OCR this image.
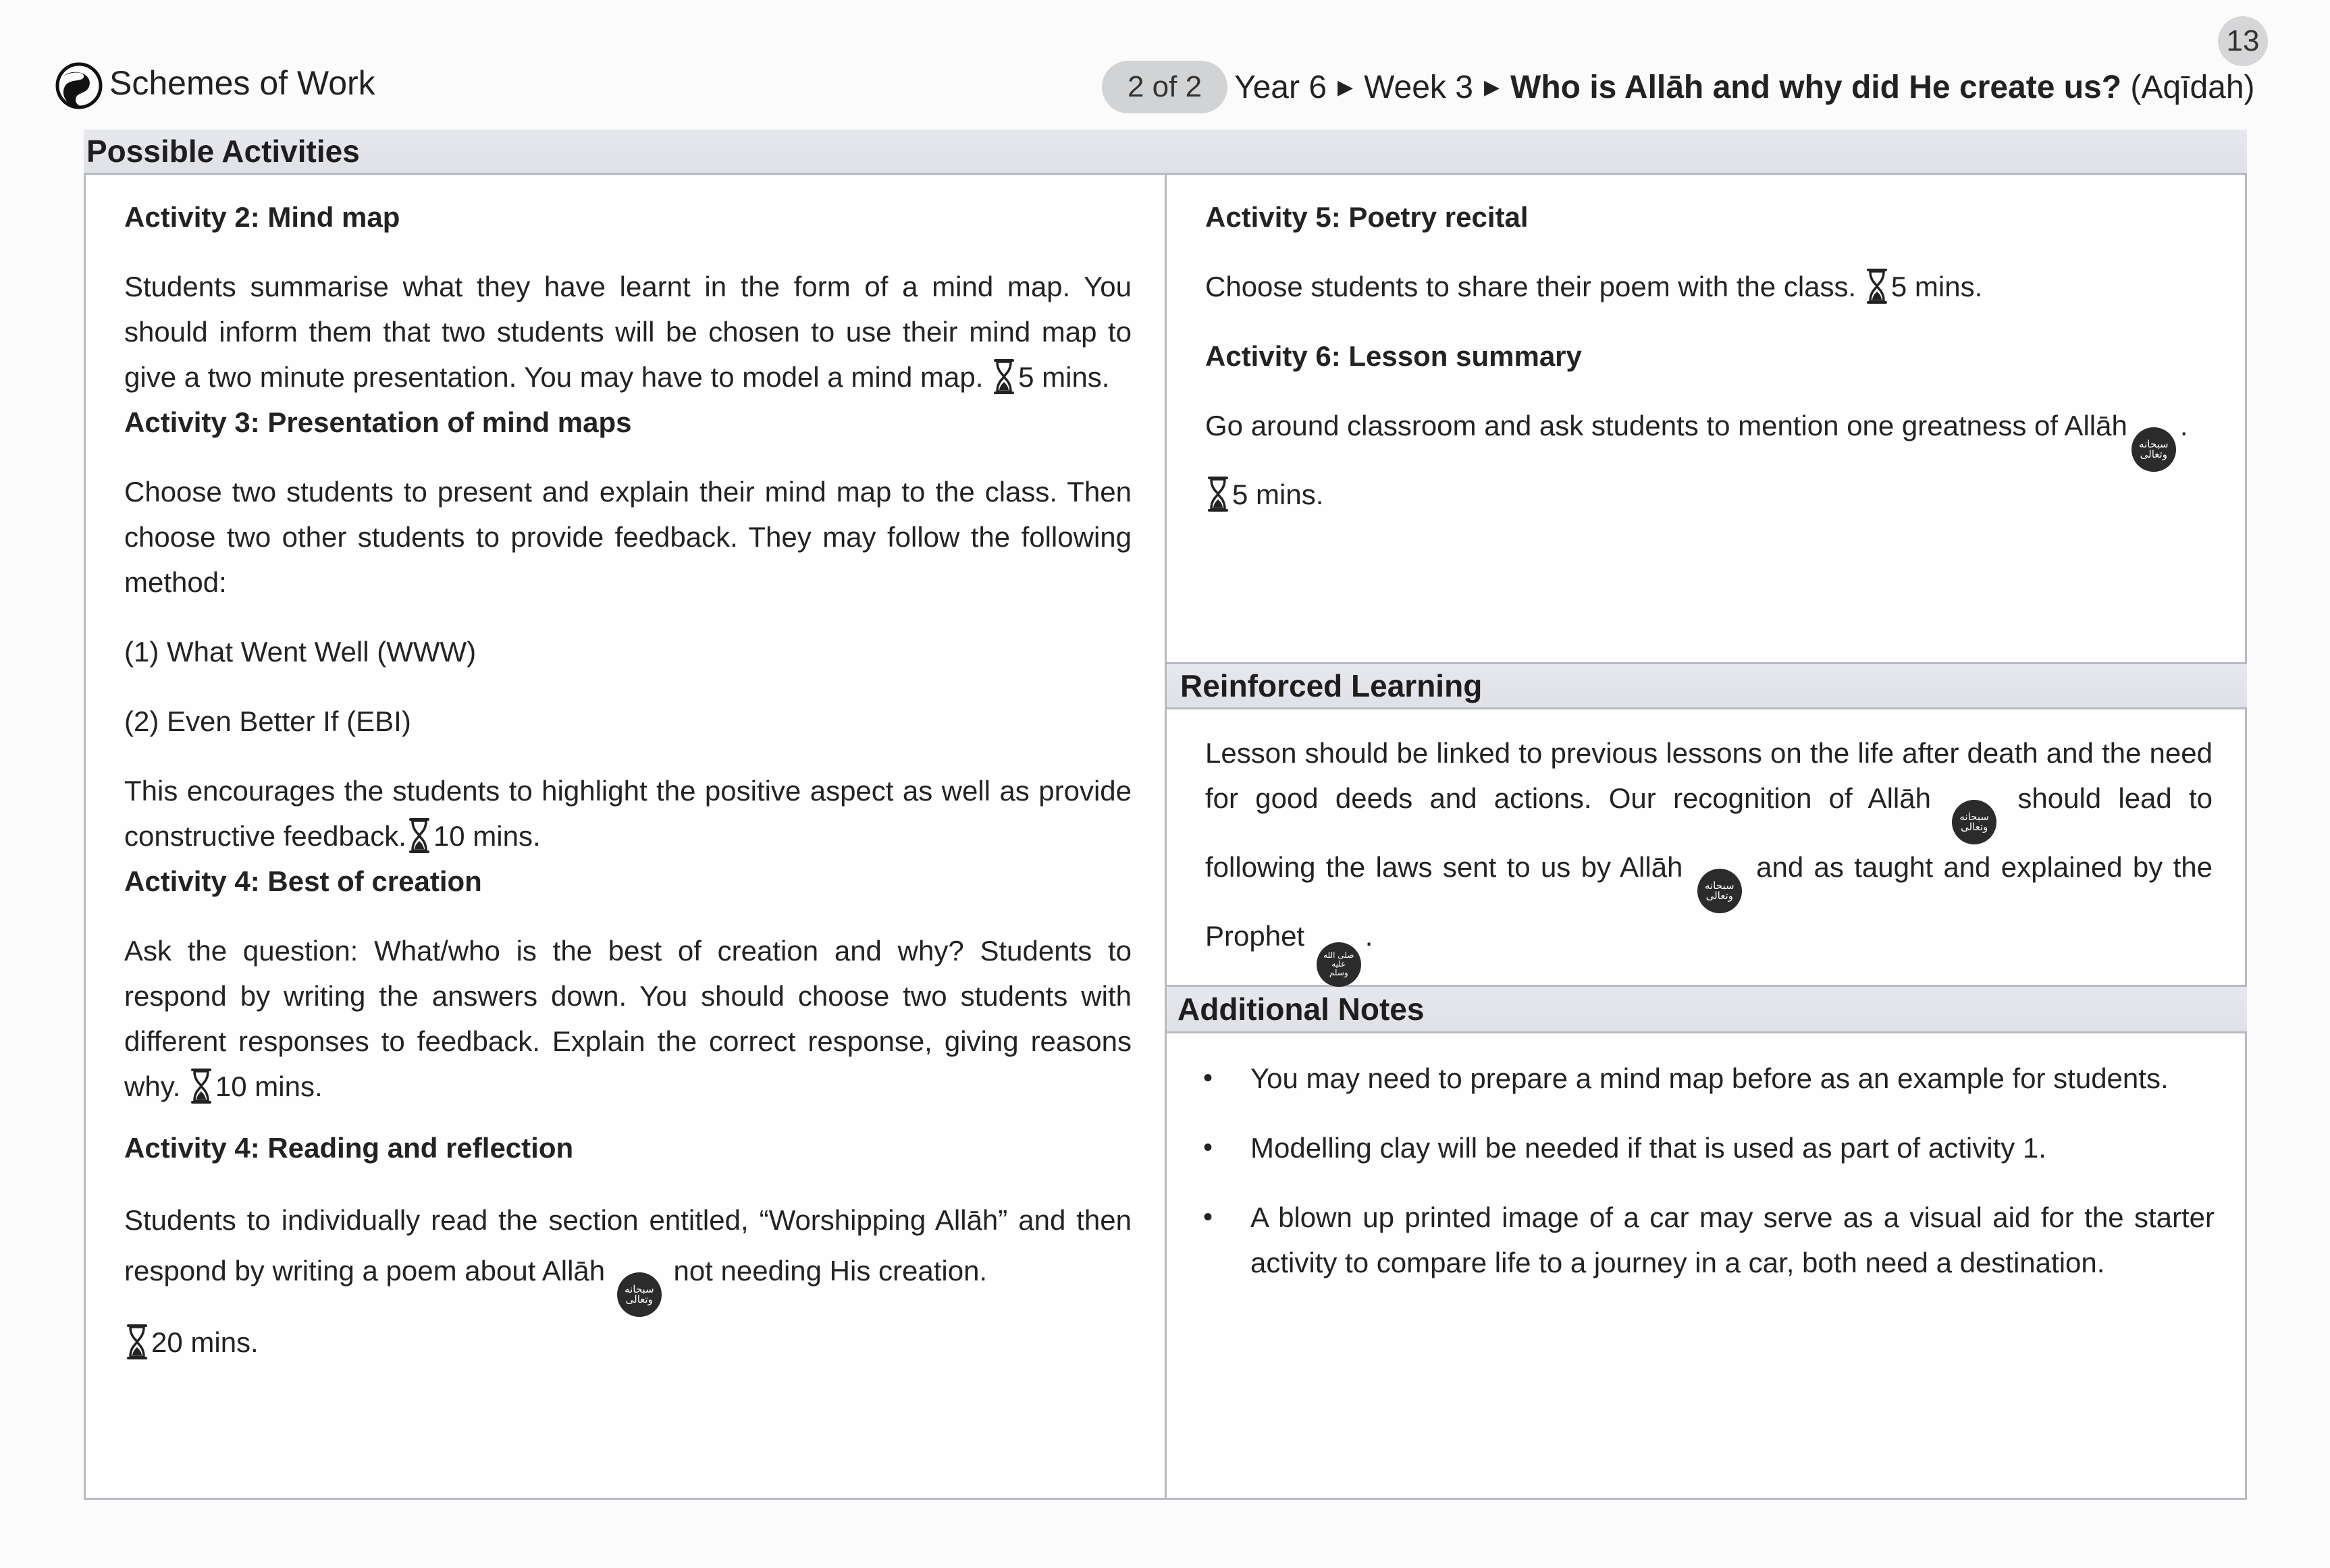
Schemes of Work
13
2 of 2 Year 6 ▶ Week 3 ▶ Who is Allāh and why did He create us? (Aqīdah)
Possible Activities
Reinforced Learning
Additional Notes
Activity 2: Mind map

Students summarise what they have learnt in the form of a mind map. You should inform them that two students will be chosen to use their mind map to give a two minute presentation. You may have to model a mind map. 5 mins.

Activity 3: Presentation of mind maps

Choose two students to present and explain their mind map to the class. Then choose two other students to provide feedback. They may follow the following method:

(1) What Went Well (WWW)

(2) Even Better If (EBI)

This encourages the students to highlight the positive aspect as well as provide constructive feedback. 10 mins.

Activity 4: Best of creation

Ask the question: What/who is the best of creation and why? Students to respond by writing the answers down. You should choose two students with different responses to feedback. Explain the correct response, giving reasons why. 10 mins.

Activity 4: Reading and reflection

Students to individually read the section entitled, “Worshipping Allāh” and then respond by writing a poem about Allāh
سبحانه
وتعالى
not needing His creation.
20 mins.

Activity 5: Poetry recital

Choose students to share their poem with the class. 5 mins.

Activity 6: Lesson summary

Go around classroom and ask students to mention one greatness of Allāh
سبحانه
وتعالى
.
5 mins.

Lesson should be linked to previous lessons on the life after death and the need for good deeds and actions. Our recognition of Allāh
سبحانه
وتعالى
should lead to following the laws sent to us by Allāh
سبحانه
وتعالى
and as taught and explained by the Prophet
صلى الله
عليه
وسلم
.

• You may need to prepare a mind map before as an example for students.
• Modelling clay will be needed if that is used as part of activity 1.
• A blown up printed image of a car may serve as a visual aid for the starter activity to compare life to a journey in a car, both need a destination.
